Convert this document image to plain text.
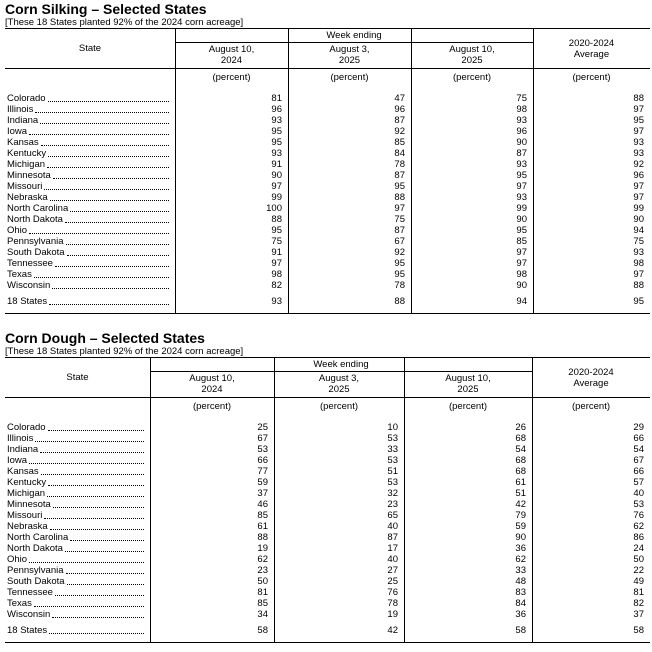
Corn Silking – Selected States
[These 18 States planted 92% of the 2024 corn acreage]
State
Week ending
August 10,
2024
August 3,
2025
August 10,
2025
2020-2024
Average
(percent)	(percent)	(percent)	(percent)
Colorado	81	47	75	88
Illinois	96	96	98	97
Indiana	93	87	93	95
Iowa	95	92	96	97
Kansas	95	85	90	93
Kentucky	93	84	87	93
Michigan	91	78	93	92
Minnesota	90	87	95	96
Missouri	97	95	97	97
Nebraska	99	88	93	97
North Carolina	100	97	99	99
North Dakota	88	75	90	90
Ohio	95	87	95	94
Pennsylvania	75	67	85	75
South Dakota	91	92	97	93
Tennessee	97	95	97	98
Texas	98	95	98	97
Wisconsin	82	78	90	88
18 States	93	88	94	95
Corn Dough – Selected States
[These 18 States planted 92% of the 2024 corn acreage]
State
Week ending
August 10,
2024
August 3,
2025
August 10,
2025
2020-2024
Average
(percent)	(percent)	(percent)	(percent)
Colorado	25	10	26	29
Illinois	67	53	68	66
Indiana	53	33	54	54
Iowa	66	53	68	67
Kansas	77	51	68	66
Kentucky	59	53	61	57
Michigan	37	32	51	40
Minnesota	46	23	42	53
Missouri	85	65	79	76
Nebraska	61	40	59	62
North Carolina	88	87	90	86
North Dakota	19	17	36	24
Ohio	62	40	62	50
Pennsylvania	23	27	33	22
South Dakota	50	25	48	49
Tennessee	81	76	83	81
Texas	85	78	84	82
Wisconsin	34	19	36	37
18 States	58	42	58	58
